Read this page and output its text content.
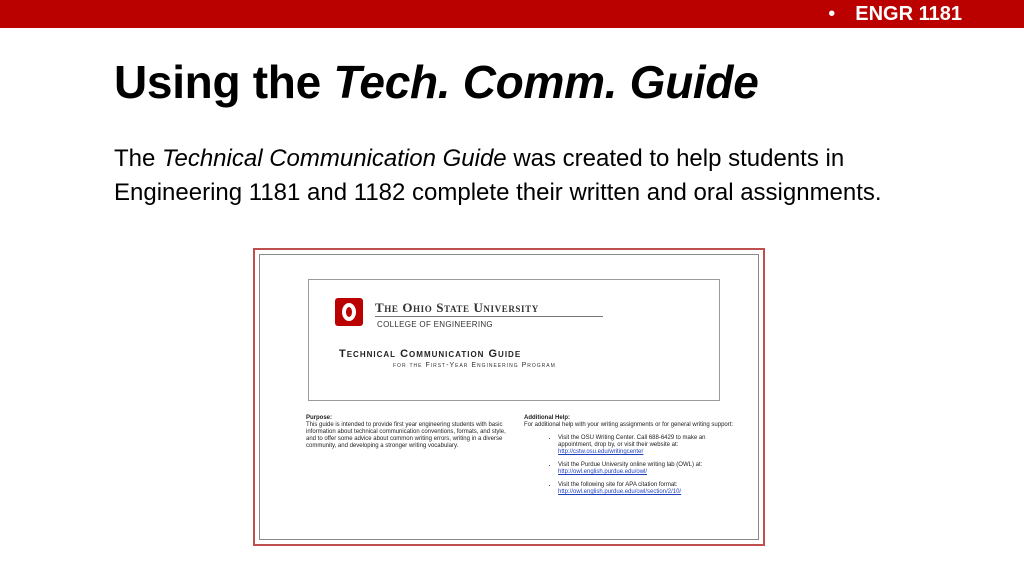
• ENGR 1181
Using the Tech. Comm. Guide
The Technical Communication Guide was created to help students in Engineering 1181 and 1182 complete their written and oral assignments.
The Ohio State University
COLLEGE OF ENGINEERING
Technical Communication Guide
for the First-Year Engineering Program
Purpose:
This guide is intended to provide first year engineering students with basic information about technical communication conventions, formats, and style, and to offer some advice about common writing errors, writing in a diverse community, and developing a stronger writing vocabulary.
Additional Help:
For additional help with your writing assignments or for general writing support:
• Visit the OSU Writing Center. Call 688-6429 to make an appointment, drop by, or visit their website at: http://cstw.osu.edu/writingcenter
• Visit the Purdue University online writing lab (OWL) at: http://owl.english.purdue.edu/owl/
• Visit the following site for APA citation format: http://owl.english.purdue.edu/owl/section/2/10/
